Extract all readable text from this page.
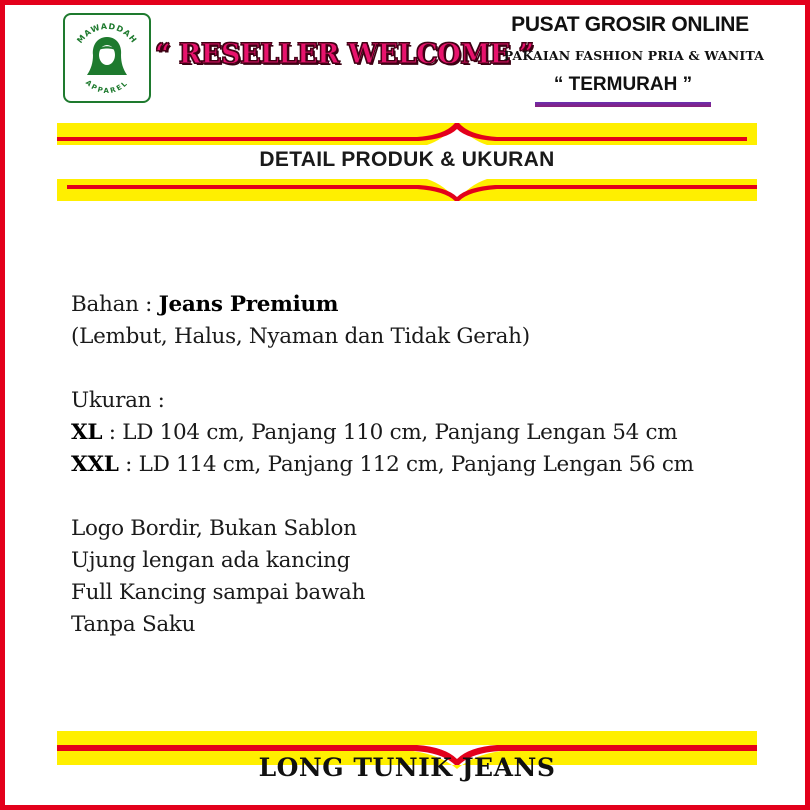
MAWADDAH
APPAREL
“ RESELLER WELCOME ”
PUSAT GROSIR ONLINE
PAKAIAN FASHION PRIA & WANITA
“ TERMURAH ”
DETAIL PRODUK & UKURAN
Bahan : Jeans Premium
(Lembut, Halus, Nyaman dan Tidak Gerah)
Ukuran :
XL : LD 104 cm, Panjang 110 cm, Panjang Lengan 54 cm
XXL : LD 114 cm, Panjang 112 cm, Panjang Lengan 56 cm
Logo Bordir, Bukan Sablon
Ujung lengan ada kancing
Full Kancing sampai bawah
Tanpa Saku
LONG TUNIK JEANS
